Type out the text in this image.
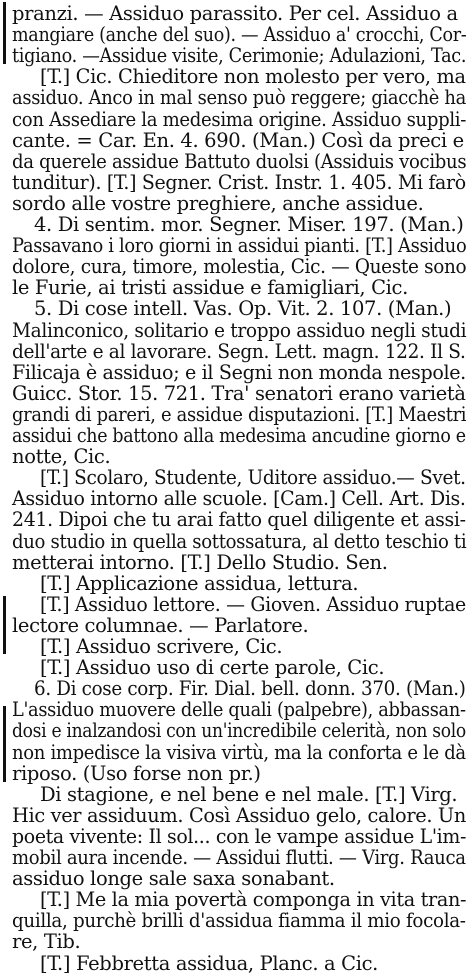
pranzi. — Assiduo parassito. Per cel. Assiduo a
mangiare (anche del suo). — Assiduo a' crocchi, Cor-
tigiano. —Assidue visite, Cerimonie; Adulazioni, Tac.
[T.] Cic. Chieditore non molesto per vero, ma
assiduo. Anco in mal senso può reggere; giacchè ha
con Assediare la medesima origine. Assiduo suppli-
cante. = Car. En. 4. 690. (Man.) Così da preci e
da querele assidue Battuto duolsi (Assiduis vocibus
tunditur). [T.] Segner. Crist. Instr. 1. 405. Mi farò
sordo alle vostre preghiere, anche assidue.
4. Di sentim. mor. Segner. Miser. 197. (Man.)
Passavano i loro giorni in assidui pianti. [T.] Assiduo
dolore, cura, timore, molestia, Cic. — Queste sono
le Furie, ai tristi assidue e famigliari, Cic.
5. Di cose intell. Vas. Op. Vit. 2. 107. (Man.)
Malinconico, solitario e troppo assiduo negli studi
dell'arte e al lavorare. Segn. Lett. magn. 122. Il S.
Filicaja è assiduo; e il Segni non monda nespole.
Guicc. Stor. 15. 721. Tra' senatori erano varietà
grandi di pareri, e assidue disputazioni. [T.] Maestri
assidui che battono alla medesima ancudine giorno e
notte, Cic.
[T.] Scolaro, Studente, Uditore assiduo.— Svet.
Assiduo intorno alle scuole. [Cam.] Cell. Art. Dis.
241. Dipoi che tu arai fatto quel diligente et assi-
duo studio in quella sottossatura, al detto teschio ti
metterai intorno. [T.] Dello Studio. Sen.
[T.] Applicazione assidua, lettura.
[T.] Assiduo lettore. — Gioven. Assiduo ruptae
lectore columnae. — Parlatore.
[T.] Assiduo scrivere, Cic.
[T.] Assiduo uso di certe parole, Cic.
6. Di cose corp. Fir. Dial. bell. donn. 370. (Man.)
L'assiduo muovere delle quali (palpebre), abbassan-
dosi e inalzandosi con un'incredibile celerità, non solo
non impedisce la visiva virtù, ma la conforta e le dà
riposo. (Uso forse non pr.)
Di stagione, e nel bene e nel male. [T.] Virg.
Hic ver assiduum. Così Assiduo gelo, calore. Un
poeta vivente: Il sol... con le vampe assidue L'im-
mobil aura incende. — Assidui flutti. — Virg. Rauca
assiduo longe sale saxa sonabant.
[T.] Me la mia povertà componga in vita tran-
quilla, purchè brilli d'assidua fiamma il mio focola-
re, Tib.
[T.] Febbretta assidua, Planc. a Cic.
